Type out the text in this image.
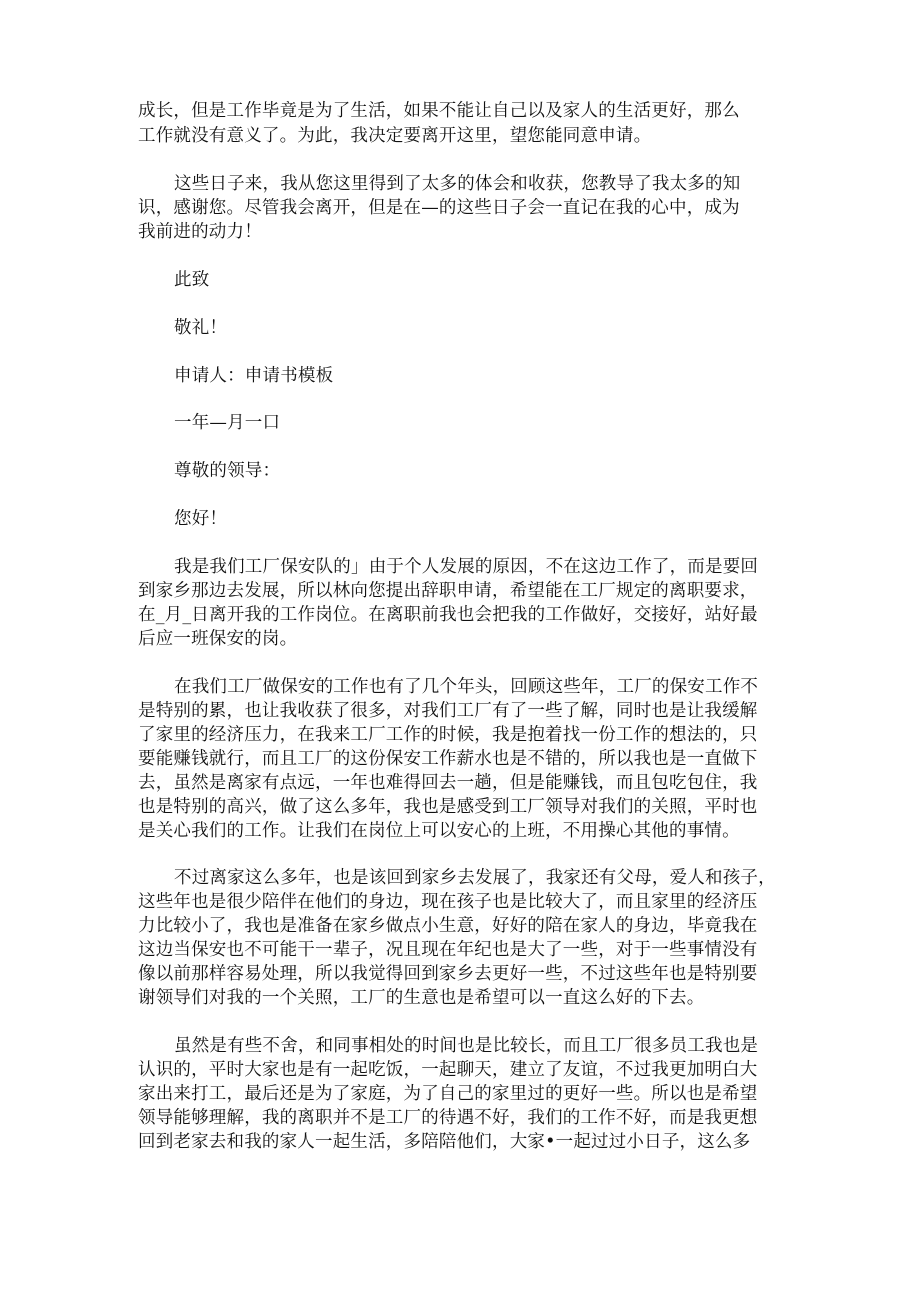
成长，但是工作毕竟是为了生活，如果不能让自己以及家人的生活更好，那么
工作就没有意义了。为此，我决定要离开这里，望您能同意申请。
这些日子来，我从您这里得到了太多的体会和收获，您教导了我太多的知
识，感谢您。尽管我会离开，但是在—的这些日子会一直记在我的心中，成为
我前进的动力！
此致
敬礼！
申请人：申请书模板
一年—月一口
尊敬的领导：
您好！
我是我们工厂保安队的」由于个人发展的原因，不在这边工作了，而是要回
到家乡那边去发展，所以林向您提出辞职申请，希望能在工厂规定的离职要求，
在_月_日离开我的工作岗位。在离职前我也会把我的工作做好，交接好，站好最
后应一班保安的岗。
在我们工厂做保安的工作也有了几个年头，回顾这些年，工厂的保安工作不
是特别的累，也让我收获了很多，对我们工厂有了一些了解，同时也是让我缓解
了家里的经济压力，在我来工厂工作的时候，我是抱着找一份工作的想法的，只
要能赚钱就行，而且工厂的这份保安工作薪水也是不错的，所以我也是一直做下
去，虽然是离家有点远，一年也难得回去一趟，但是能赚钱，而且包吃包住，我
也是特别的高兴，做了这么多年，我也是感受到工厂领导对我们的关照，平时也
是关心我们的工作。让我们在岗位上可以安心的上班，不用操心其他的事情。
不过离家这么多年，也是该回到家乡去发展了，我家还有父母，爱人和孩子，
这些年也是很少陪伴在他们的身边，现在孩子也是比较大了，而且家里的经济压
力比较小了，我也是准备在家乡做点小生意，好好的陪在家人的身边，毕竟我在
这边当保安也不可能干一辈子，况且现在年纪也是大了一些，对于一些事情没有
像以前那样容易处理，所以我觉得回到家乡去更好一些，不过这些年也是特别要
谢领导们对我的一个关照，工厂的生意也是希望可以一直这么好的下去。
虽然是有些不舍，和同事相处的时间也是比较长，而且工厂很多员工我也是
认识的，平时大家也是有一起吃饭，一起聊天，建立了友谊，不过我更加明白大
家出来打工，最后还是为了家庭，为了自己的家里过的更好一些。所以也是希望
领导能够理解，我的离职并不是工厂的待遇不好，我们的工作不好，而是我更想
回到老家去和我的家人一起生活，多陪陪他们，大家•一起过过小日子，这么多
